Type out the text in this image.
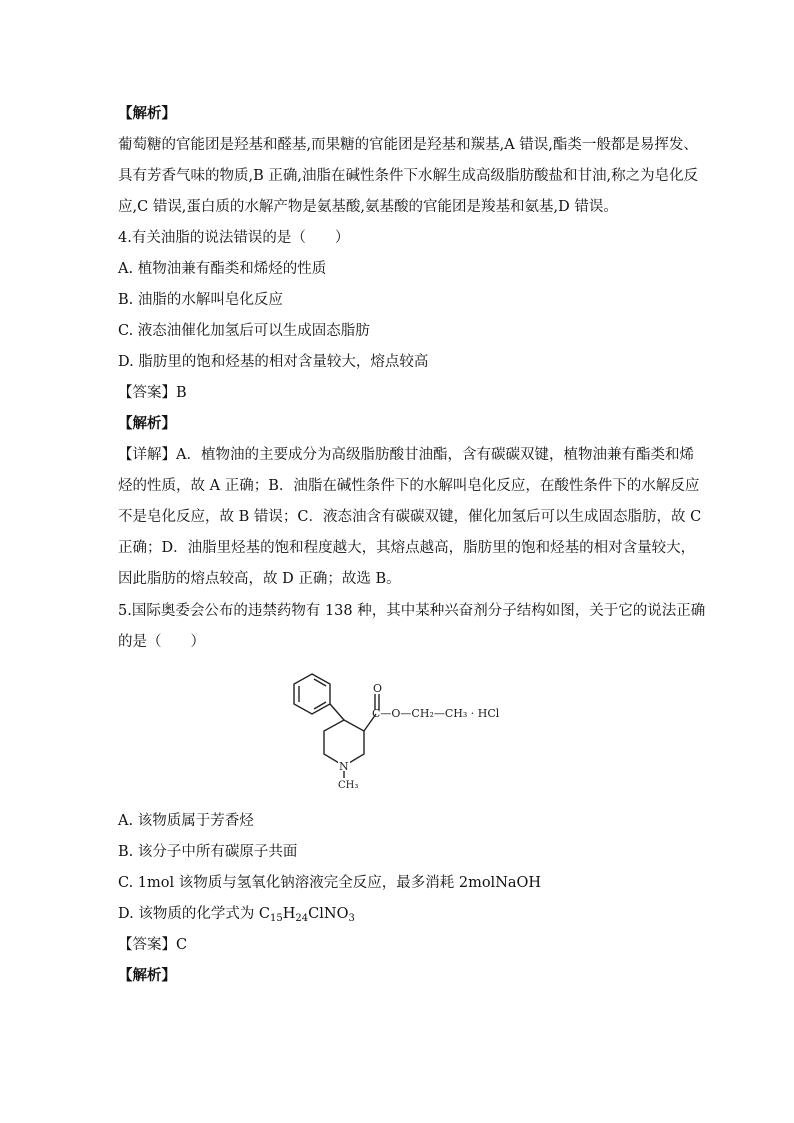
【解析】
葡萄糖的官能团是羟基和醛基,而果糖的官能团是羟基和羰基,A 错误,酯类一般都是易挥发、
具有芳香气味的物质,B 正确,油脂在碱性条件下水解生成高级脂肪酸盐和甘油,称之为皂化反
应,C 错误,蛋白质的水解产物是氨基酸,氨基酸的官能团是羧基和氨基,D 错误。
4.有关油脂的说法错误的是（　　）
A. 植物油兼有酯类和烯烃的性质
B. 油脂的水解叫皂化反应
C. 液态油催化加氢后可以生成固态脂肪
D. 脂肪里的饱和烃基的相对含量较大，熔点较高
【答案】B
【解析】
【详解】A．植物油的主要成分为高级脂肪酸甘油酯，含有碳碳双键，植物油兼有酯类和烯
烃的性质，故 A 正确；B．油脂在碱性条件下的水解叫皂化反应，在酸性条件下的水解反应
不是皂化反应，故 B 错误；C．液态油含有碳碳双键，催化加氢后可以生成固态脂肪，故 C
正确；D．油脂里烃基的饱和程度越大，其熔点越高，脂肪里的饱和烃基的相对含量较大，
因此脂肪的熔点较高，故 D 正确；故选 B。
5.国际奥委会公布的违禁药物有 138 种，其中某种兴奋剂分子结构如图，关于它的说法正确
的是（　　）
O
C—O—CH₂—CH₃ · HCl
N
CH₃
A. 该物质属于芳香烃
B. 该分子中所有碳原子共面
C. 1mol 该物质与氢氧化钠溶液完全反应，最多消耗 2molNaOH
D. 该物质的化学式为 $C_{15}H_{24}ClNO_3$
【答案】C
【解析】
